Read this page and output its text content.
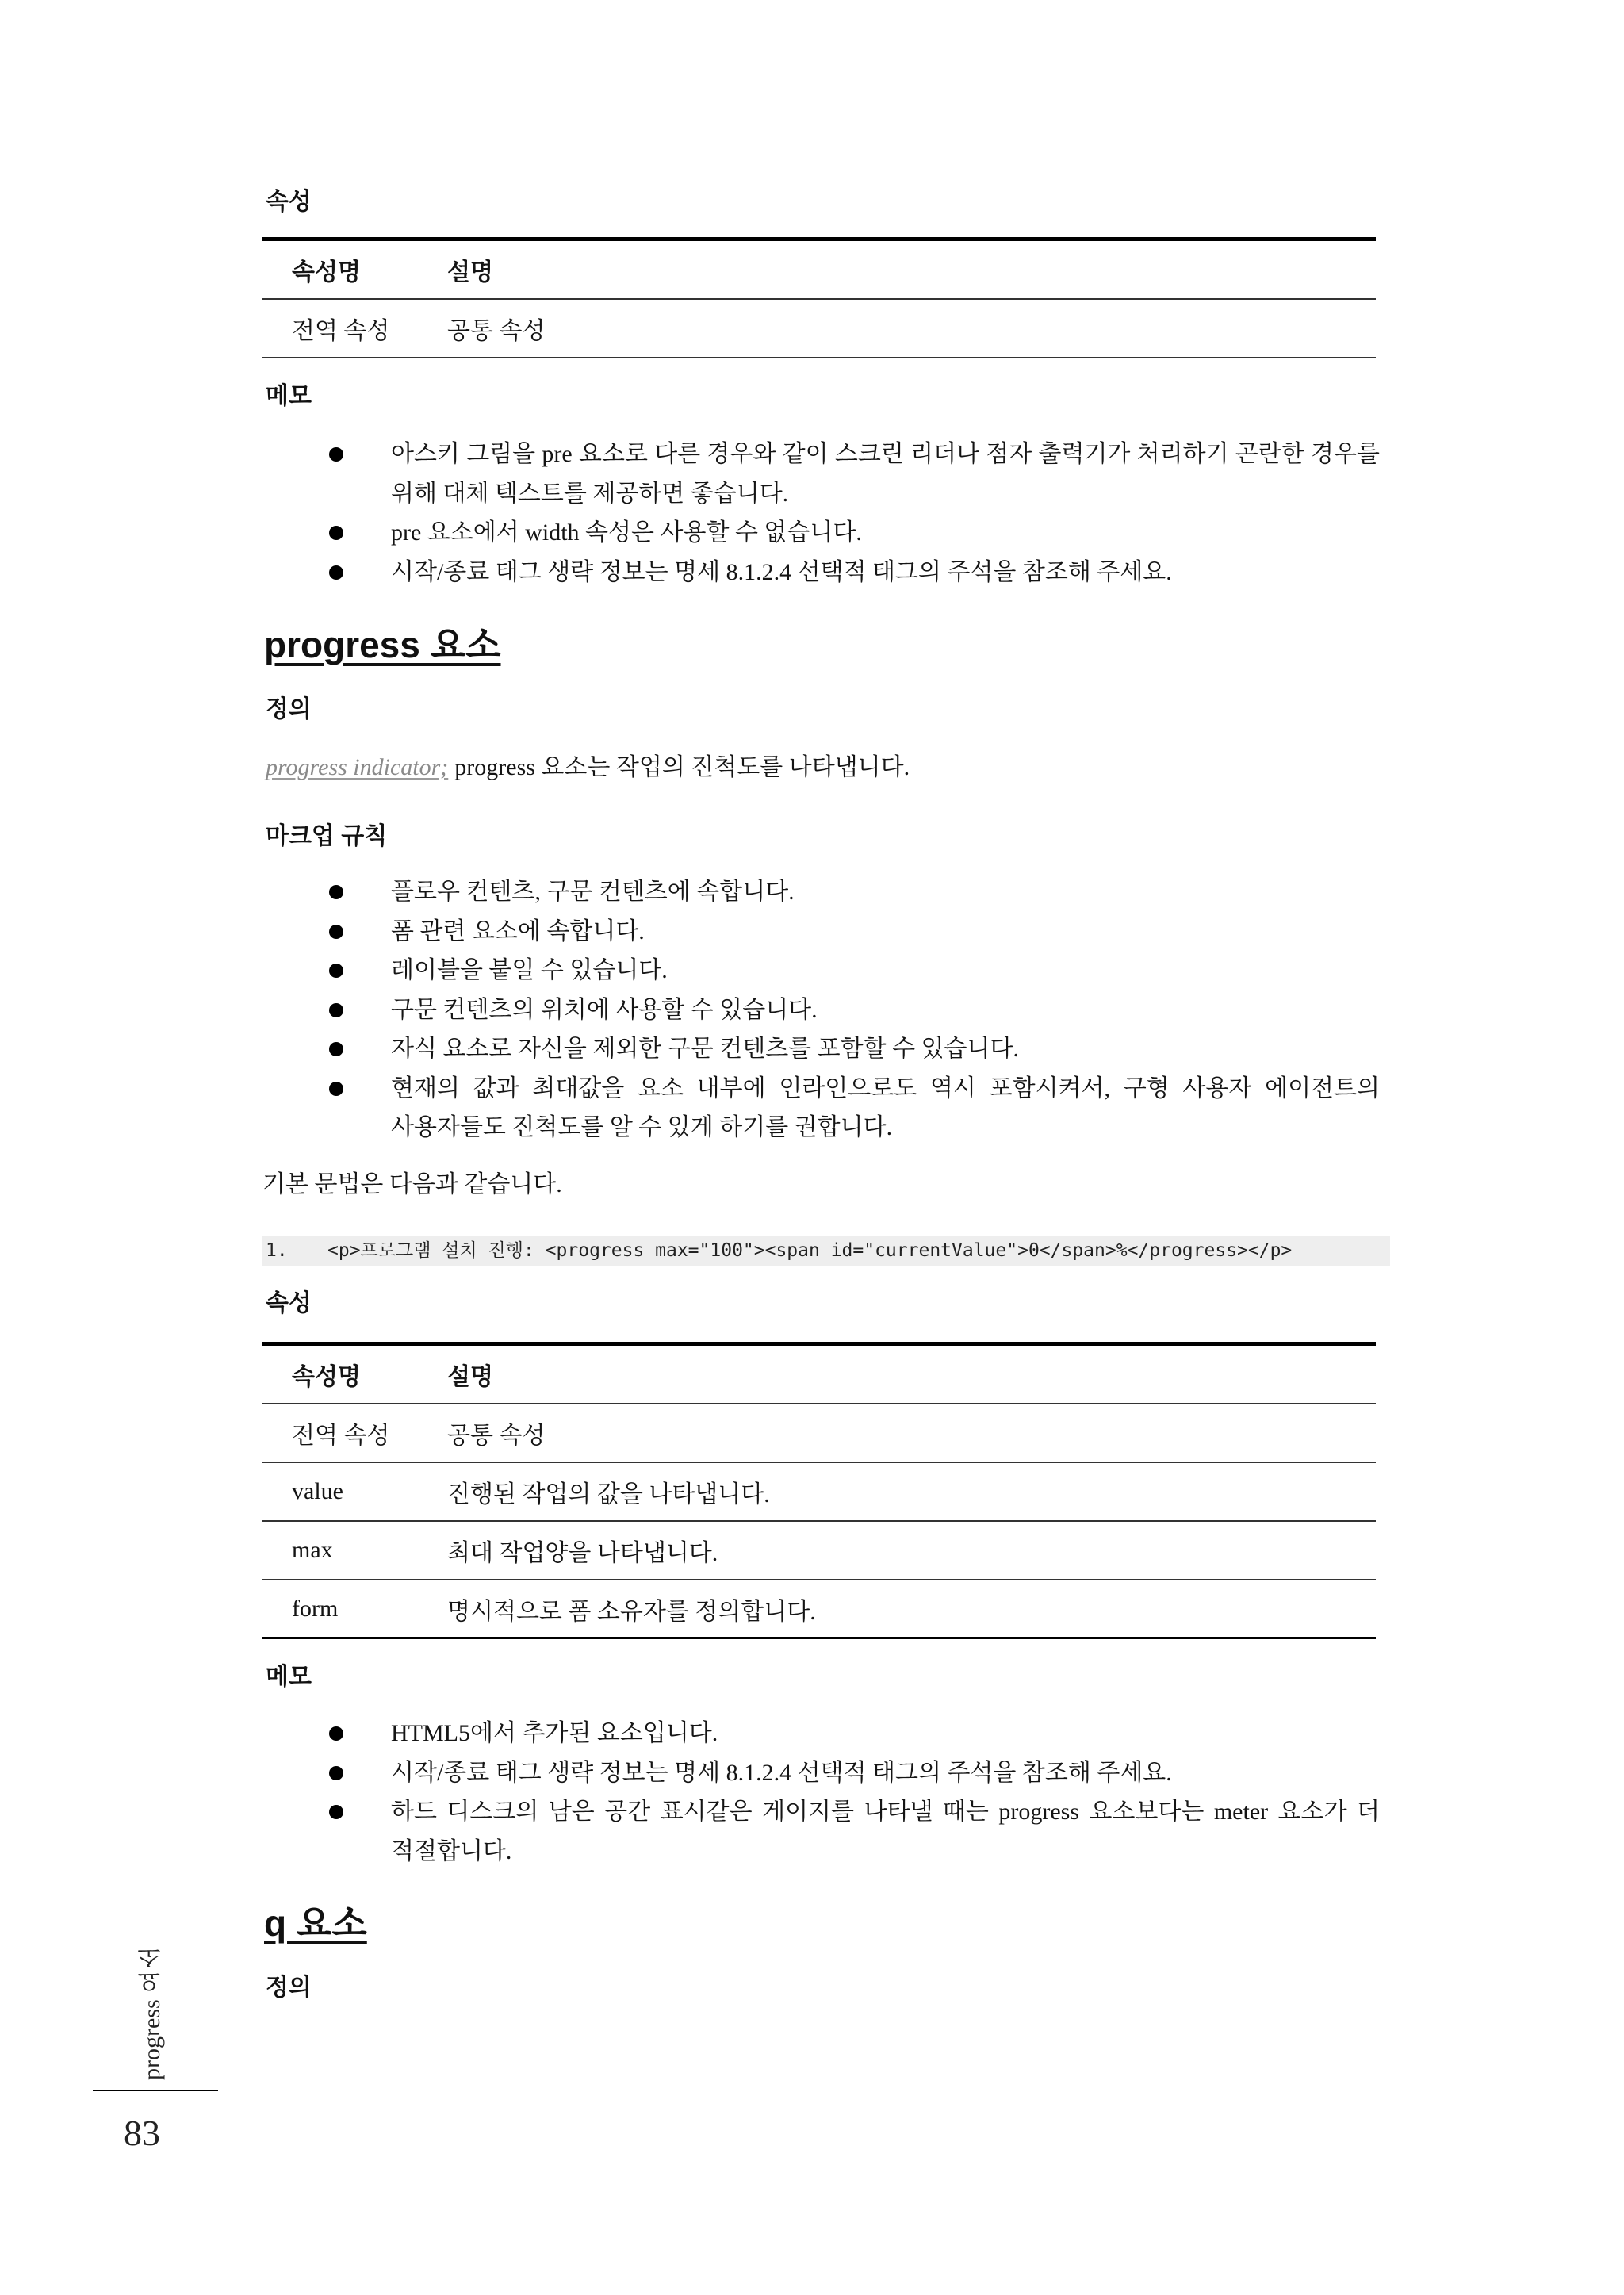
속성
속성명	설명
전역 속성	공통 속성
메모
아스키 그림을 pre 요소로 다른 경우와 같이 스크린 리더나 점자 출력기가 처리하기 곤란한 경우를 위해 대체 텍스트를 제공하면 좋습니다.
pre 요소에서 width 속성은 사용할 수 없습니다.
시작/종료 태그 생략 정보는 명세 8.1.2.4 선택적 태그의 주석을 참조해 주세요.
progress 요소
정의
progress indicator; progress 요소는 작업의 진척도를 나타냅니다.
마크업 규칙
플로우 컨텐츠, 구문 컨텐츠에 속합니다.
폼 관련 요소에 속합니다.
레이블을 붙일 수 있습니다.
구문 컨텐츠의 위치에 사용할 수 있습니다.
자식 요소로 자신을 제외한 구문 컨텐츠를 포함할 수 있습니다.
현재의 값과 최대값을 요소 내부에 인라인으로도 역시 포함시켜서, 구형 사용자 에이전트의 사용자들도 진척도를 알 수 있게 하기를 권합니다.
기본 문법은 다음과 같습니다.
1. <p>프로그램 설치 진행: <progress max="100"><span id="currentValue">0</span>%</progress></p>
속성
속성명	설명
전역 속성	공통 속성
value	진행된 작업의 값을 나타냅니다.
max	최대 작업양을 나타냅니다.
form	명시적으로 폼 소유자를 정의합니다.
메모
HTML5에서 추가된 요소입니다.
시작/종료 태그 생략 정보는 명세 8.1.2.4 선택적 태그의 주석을 참조해 주세요.
하드 디스크의 남은 공간 표시같은 게이지를 나타낼 때는 progress 요소보다는 meter 요소가 더 적절합니다.
q 요소
정의
progress 요소
83
